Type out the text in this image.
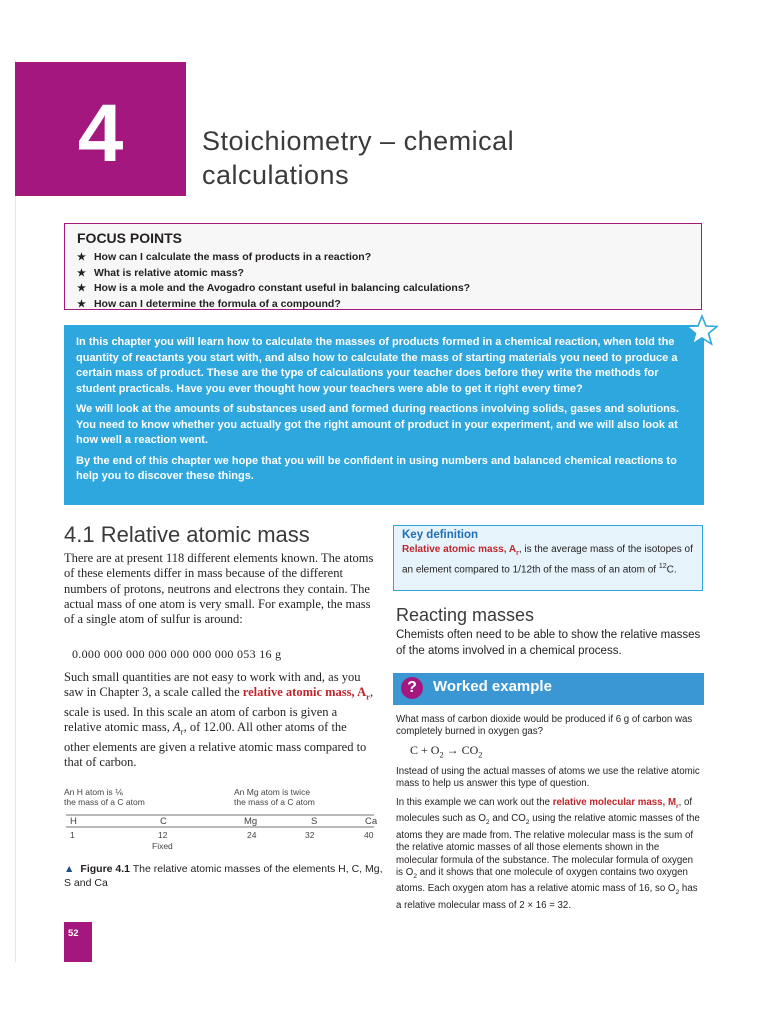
4	Stoichiometry – chemical
calculations
FOCUS POINTS
★ How can I calculate the mass of products in a reaction?
★ What is relative atomic mass?
★ How is a mole and the Avogadro constant useful in balancing calculations?
★ How can I determine the formula of a compound?

In this chapter you will learn how to calculate the masses of products formed in a chemical reaction, when told the quantity of reactants you start with, and also how to calculate the mass of starting materials you need to produce a certain mass of product. These are the type of calculations your teacher does before they write the methods for student practicals. Have you ever thought how your teachers were able to get it right every time?

We will look at the amounts of substances used and formed during reactions involving solids, gases and solutions. You need to know whether you actually got the right amount of product in your experiment, and we will also look at how well a reaction went.

By the end of this chapter we hope that you will be confident in using numbers and balanced chemical reactions to help you to discover these things.

4.1 Relative atomic mass
There are at present 118 different elements known. The atoms of these elements differ in mass because of the different numbers of protons, neutrons and electrons they contain. The actual mass of one atom is very small. For example, the mass of a single atom of sulfur is around:
0.000 000 000 000 000 000 000 053 16 g
Such small quantities are not easy to work with and, as you saw in Chapter 3, a scale called the relative atomic mass, $A_r$, scale is used. In this scale an atom of carbon is given a relative atomic mass, $A_r$, of 12.00. All other atoms of the other elements are given a relative atomic mass compared to that of carbon.
An H atom is ⅙
the mass of a C atom
An Mg atom is twice
the mass of a C atom
H	C	Mg	S	Ca
1	12	24	32	40
Fixed
▲ Figure 4.1 The relative atomic masses of the elements H, C, Mg, S and Ca
Key definition
Relative atomic mass, $A_r$, is the average mass of the isotopes of an element compared to 1/12th of the mass of an atom of $^{12}$C.
Reacting masses
Chemists often need to be able to show the relative masses of the atoms involved in a chemical process.
?	Worked example
What mass of carbon dioxide would be produced if 6 g of carbon was completely burned in oxygen gas?
$C + O_2 \to CO_2$
Instead of using the actual masses of atoms we use the relative atomic mass to help us answer this type of question.
In this example we can work out the relative molecular mass, $M_r$, of molecules such as $O_2$ and $CO_2$ using the relative atomic masses of the atoms they are made from. The relative molecular mass is the sum of the relative atomic masses of all those elements shown in the molecular formula of the substance. The molecular formula of oxygen is $O_2$ and it shows that one molecule of oxygen contains two oxygen atoms. Each oxygen atom has a relative atomic mass of 16, so $O_2$ has a relative molecular mass of 2 × 16 = 32.
52
